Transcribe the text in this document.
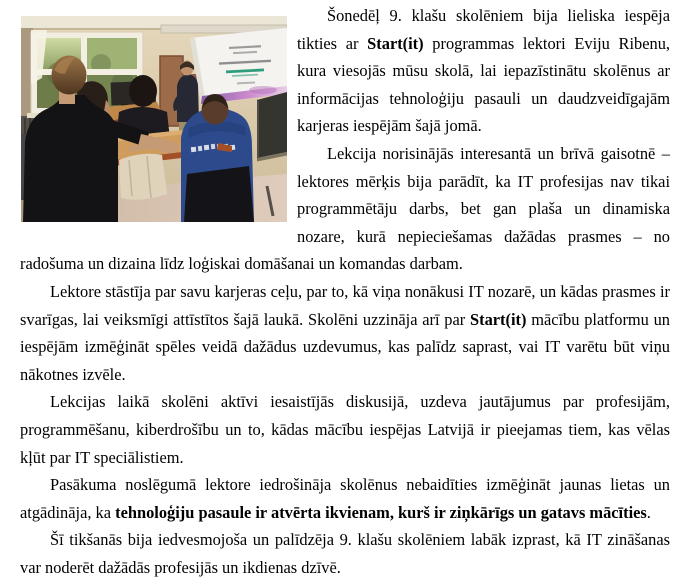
Šonedēļ 9. klašu skolēniem bija lieliska iespēja tikties ar Start(it) programmas lektori Eviju Ribenu, kura viesojās mūsu skolā, lai iepazīstinātu skolēnus ar informācijas tehnoloģiju pasauli un daudzveidīgajām karjeras iespējām šajā jomā.

Lekcija norisinājās interesantā un brīvā gaisotnē – lektores mērķis bija parādīt, ka IT profesijas nav tikai programmētāju darbs, bet gan plaša un dinamiska nozare, kurā nepieciešamas dažādas prasmes – no radošuma un dizaina līdz loģiskai domāšanai un komandas darbam.

Lektore stāstīja par savu karjeras ceļu, par to, kā viņa nonākusi IT nozarē, un kādas prasmes ir svarīgas, lai veiksmīgi attīstītos šajā laukā. Skolēni uzzināja arī par Start(it) mācību platformu un iespējām izmēģināt spēles veidā dažādus uzdevumus, kas palīdz saprast, vai IT varētu būt viņu nākotnes izvēle.

Lekcijas laikā skolēni aktīvi iesaistījās diskusijā, uzdeva jautājumus par profesijām, programmēšanu, kiberdrošību un to, kādas mācību iespējas Latvijā ir pieejamas tiem, kas vēlas kļūt par IT speciālistiem.

Pasākuma noslēgumā lektore iedrošināja skolēnus nebaidīties izmēģināt jaunas lietas un atgādināja, ka tehnoloģiju pasaule ir atvērta ikvienam, kurš ir ziņkārīgs un gatavs mācīties.

Šī tikšanās bija iedvesmojoša un palīdzēja 9. klašu skolēniem labāk izprast, kā IT zināšanas var noderēt dažādās profesijās un ikdienas dzīvē.
